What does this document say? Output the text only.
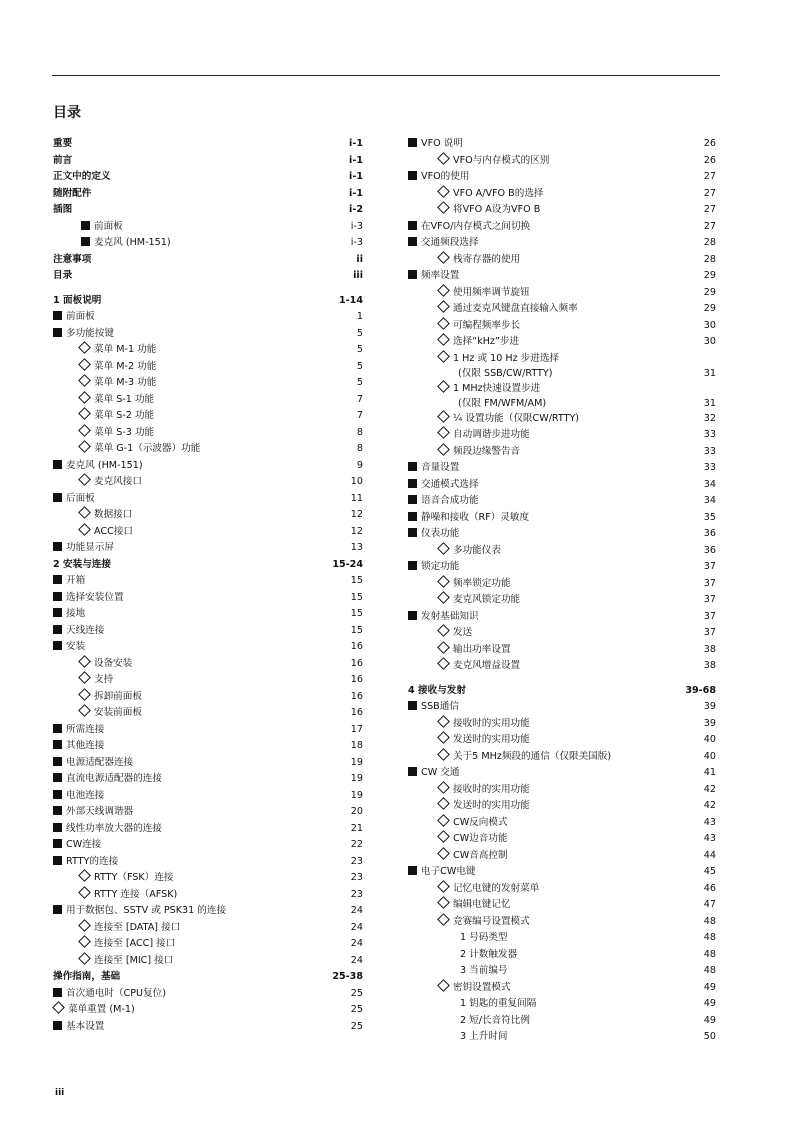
目录
重要	i-1
前言	i-1
正文中的定义	i-1
随附配件	i-1
插图	i-2
前面板	i-3
麦克风 (HM-151)	i-3
注意事项	ii
目录	iii
1 面板说明	1-14
前面板	1
多功能按键	5
菜单 M-1 功能	5
菜单 M-2 功能	5
菜单 M-3 功能	5
菜单 S-1 功能	7
菜单 S-2 功能	7
菜单 S-3 功能	8
菜单 G-1（示波器）功能	8
麦克风 (HM-151)	9
麦克风接口	10
后面板	11
数据接口	12
ACC接口	12
功能显示屏	13
2 安装与连接	15-24
开箱	15
选择安装位置	15
接地	15
天线连接	15
安装	16
设备安装	16
支持	16
拆卸前面板	16
安装前面板	16
所需连接	17
其他连接	18
电源适配器连接	19
直流电源适配器的连接	19
电池连接	19
外部天线调谐器	20
线性功率放大器的连接	21
CW连接	22
RTTY的连接	23
RTTY（FSK）连接	23
RTTY 连接（AFSK)	23
用于数据包、SSTV 或 PSK31 的连接	24
连接至 [DATA] 接口	24
连接至 [ACC] 接口	24
连接至 [MIC] 接口	24
操作指南，基础	25-38
首次通电时（CPU复位)	25
菜单重置 (M-1)	25
基本设置	25
VFO 说明	26
VFO与内存模式的区别	26
VFO的使用	27
VFO A/VFO B的选择	27
将VFO A设为VFO B	27
在VFO/内存模式之间切换	27
交通频段选择	28
栈寄存器的使用	28
频率设置	29
使用频率调节旋钮	29
通过麦克风键盘直接输入频率	29
可编程频率步长	30
选择“kHz”步进	30
1 Hz 或 10 Hz 步进选择
(仅限 SSB/CW/RTTY)	31
1 MHz快速设置步进
(仅限 FM/WFM/AM)	31
¼ 设置功能（仅限CW/RTTY)	32
自动调谐步进功能	33
频段边缘警告音	33
音量设置	33
交通模式选择	34
语音合成功能	34
静噪和接收（RF）灵敏度	35
仪表功能	36
多功能仪表	36
锁定功能	37
频率锁定功能	37
麦克风锁定功能	37
发射基础知识	37
发送	37
输出功率设置	38
麦克风增益设置	38
4 接收与发射	39-68
SSB通信	39
接收时的实用功能	39
发送时的实用功能	40
关于5 MHz频段的通信（仅限美国版)	40
CW 交通	41
接收时的实用功能	42
发送时的实用功能	42
CW反向模式	43
CW边音功能	43
CW音高控制	44
电子CW电键	45
记忆电键的发射菜单	46
编辑电键记忆	47
竞赛编号设置模式	48
1 号码类型	48
2 计数触发器	48
3 当前编号	48
密钥设置模式	49
1 钥匙的重复间隔	49
2 短/长音符比例	49
3 上升时间	50
iii
